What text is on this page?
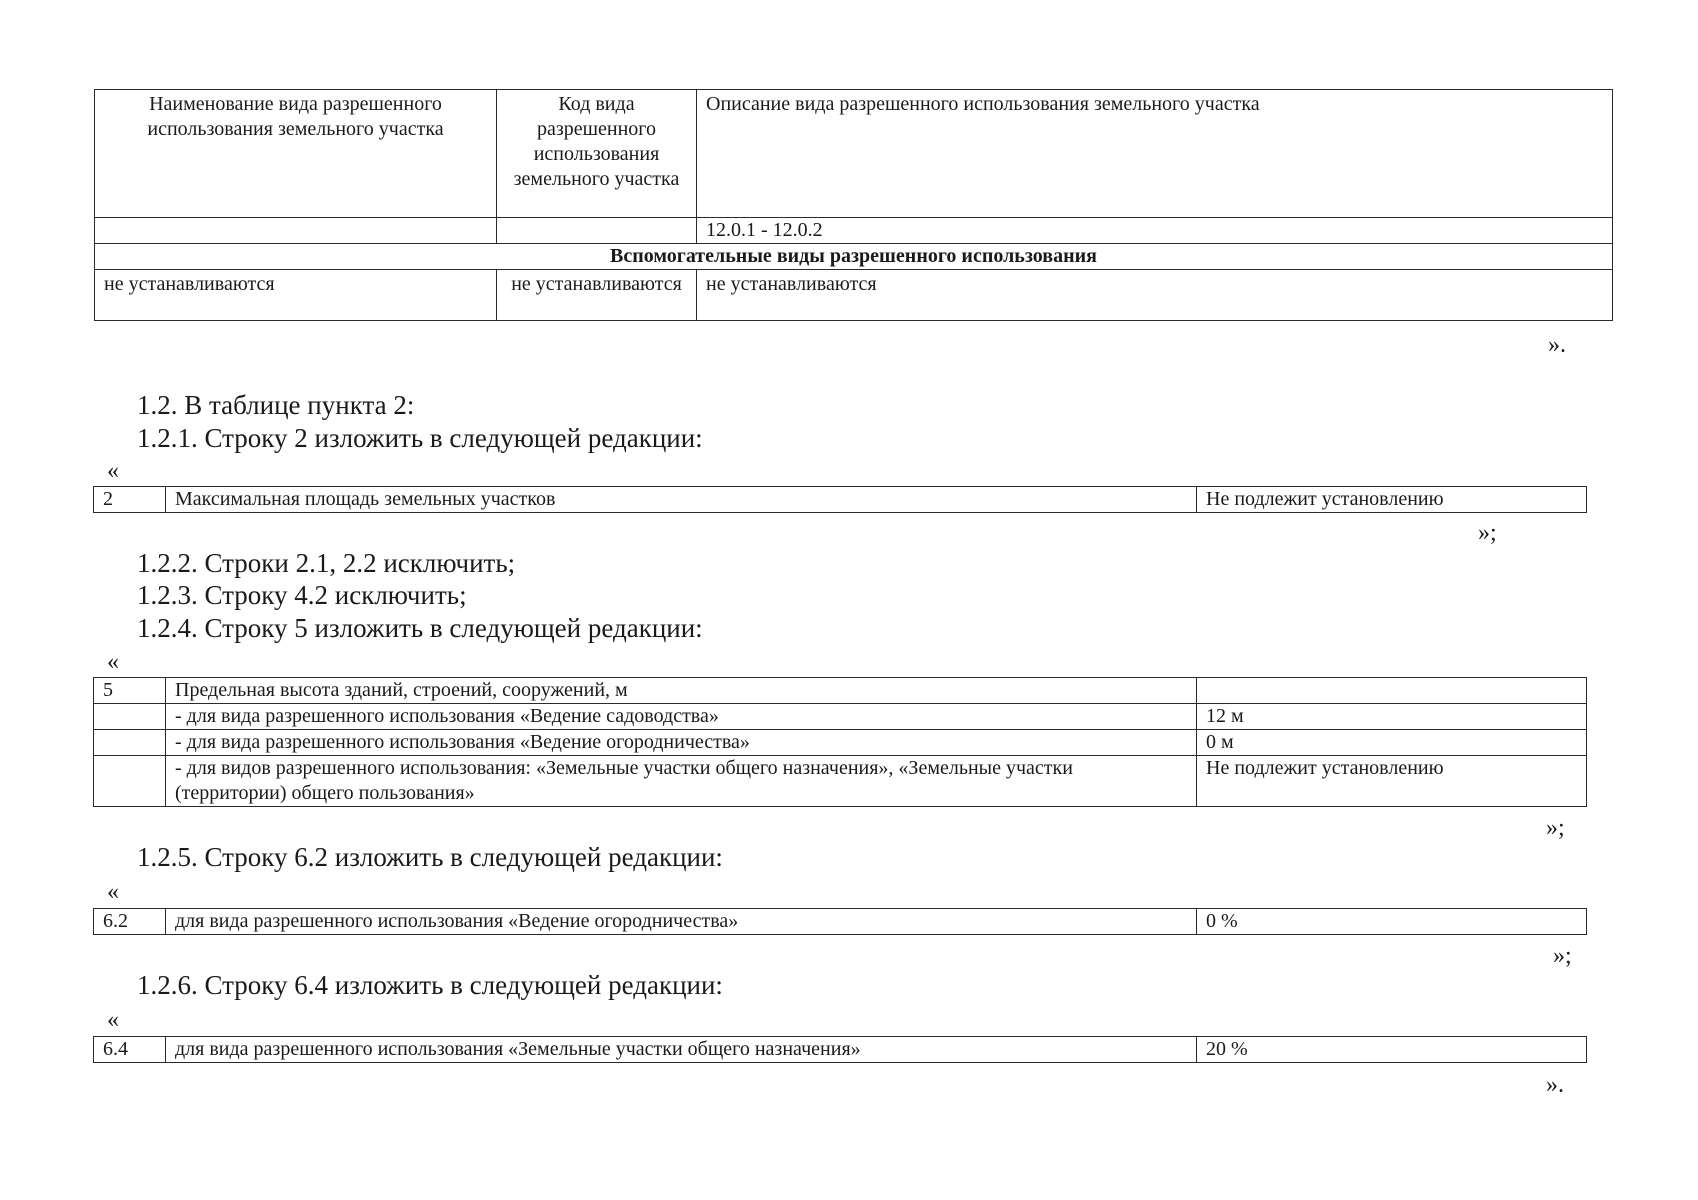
Наименование вида разрешенного использования земельного участка	Код вида разрешенного использования земельного участка	Описание вида разрешенного использования земельного участка
		12.0.1 - 12.0.2
Вспомогательные виды разрешенного использования		
не устанавливаются	не устанавливаются	не устанавливаются
».
1.2. В таблице пункта 2:
1.2.1. Строку 2 изложить в следующей редакции:
«
2	Максимальная площадь земельных участков	Не подлежит установлению
»;
1.2.2. Строки 2.1, 2.2 исключить;
1.2.3. Строку 4.2 исключить;
1.2.4. Строку 5 изложить в следующей редакции:
«
5	Предельная высота зданий, строений, сооружений, м	
	- для вида разрешенного использования «Ведение садоводства»	12 м
	- для вида разрешенного использования «Ведение огородничества»	0 м
	- для видов разрешенного использования: «Земельные участки общего назначения», «Земельные участки (территории) общего пользования»	Не подлежит установлению
»;
1.2.5. Строку 6.2 изложить в следующей редакции:
«
6.2	для вида разрешенного использования «Ведение огородничества»	0 %
»;
1.2.6. Строку 6.4 изложить в следующей редакции:
«
6.4	для вида разрешенного использования «Земельные участки общего назначения»	20 %
».
